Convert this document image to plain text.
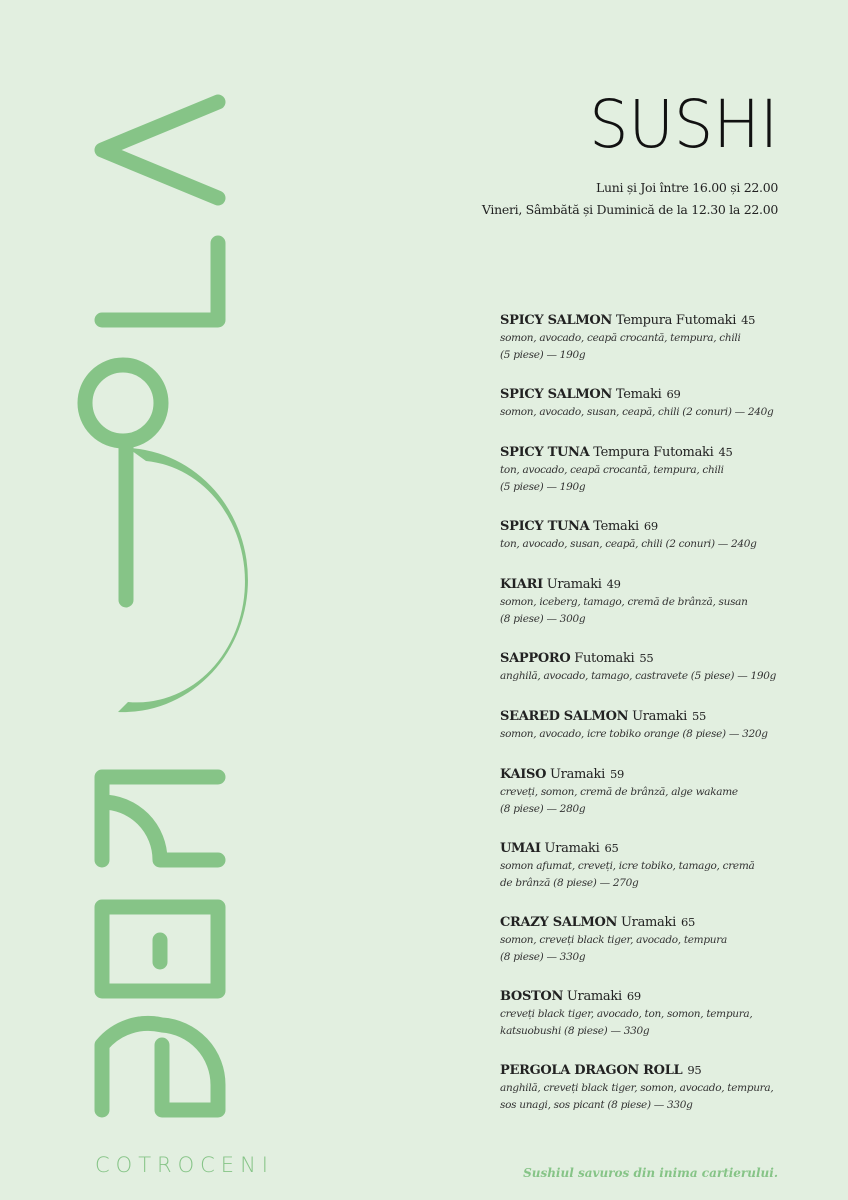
COTROCENI
SUSHI
Luni și Joi între 16.00 și 22.00
Vineri, Sâmbătă și Duminică de la 12.30 la 22.00
SPICY SALMON Tempura Futomaki 45
somon, avocado, ceapă crocantă, tempura, chili
(5 piese) — 190g
SPICY SALMON Temaki 69
somon, avocado, susan, ceapă, chili (2 conuri) — 240g
SPICY TUNA Tempura Futomaki 45
ton, avocado, ceapă crocantă, tempura, chili
(5 piese) — 190g
SPICY TUNA Temaki 69
ton, avocado, susan, ceapă, chili (2 conuri) — 240g
KIARI Uramaki 49
somon, iceberg, tamago, cremă de brânză, susan
(8 piese) — 300g
SAPPORO Futomaki 55
anghilă, avocado, tamago, castravete (5 piese) — 190g
SEARED SALMON Uramaki 55
somon, avocado, icre tobiko orange (8 piese) — 320g
KAISO Uramaki 59
creveți, somon, cremă de brânză, alge wakame
(8 piese) — 280g
UMAI Uramaki 65
somon afumat, creveți, icre tobiko, tamago, cremă
de brânză (8 piese) — 270g
CRAZY SALMON Uramaki 65
somon, creveți black tiger, avocado, tempura
(8 piese) — 330g
BOSTON Uramaki 69
creveți black tiger, avocado, ton, somon, tempura,
katsuobushi (8 piese) — 330g
PERGOLA DRAGON ROLL 95
anghilă, creveți black tiger, somon, avocado, tempura,
sos unagi, sos picant (8 piese) — 330g
Sushiul savuros din inima cartierului.
